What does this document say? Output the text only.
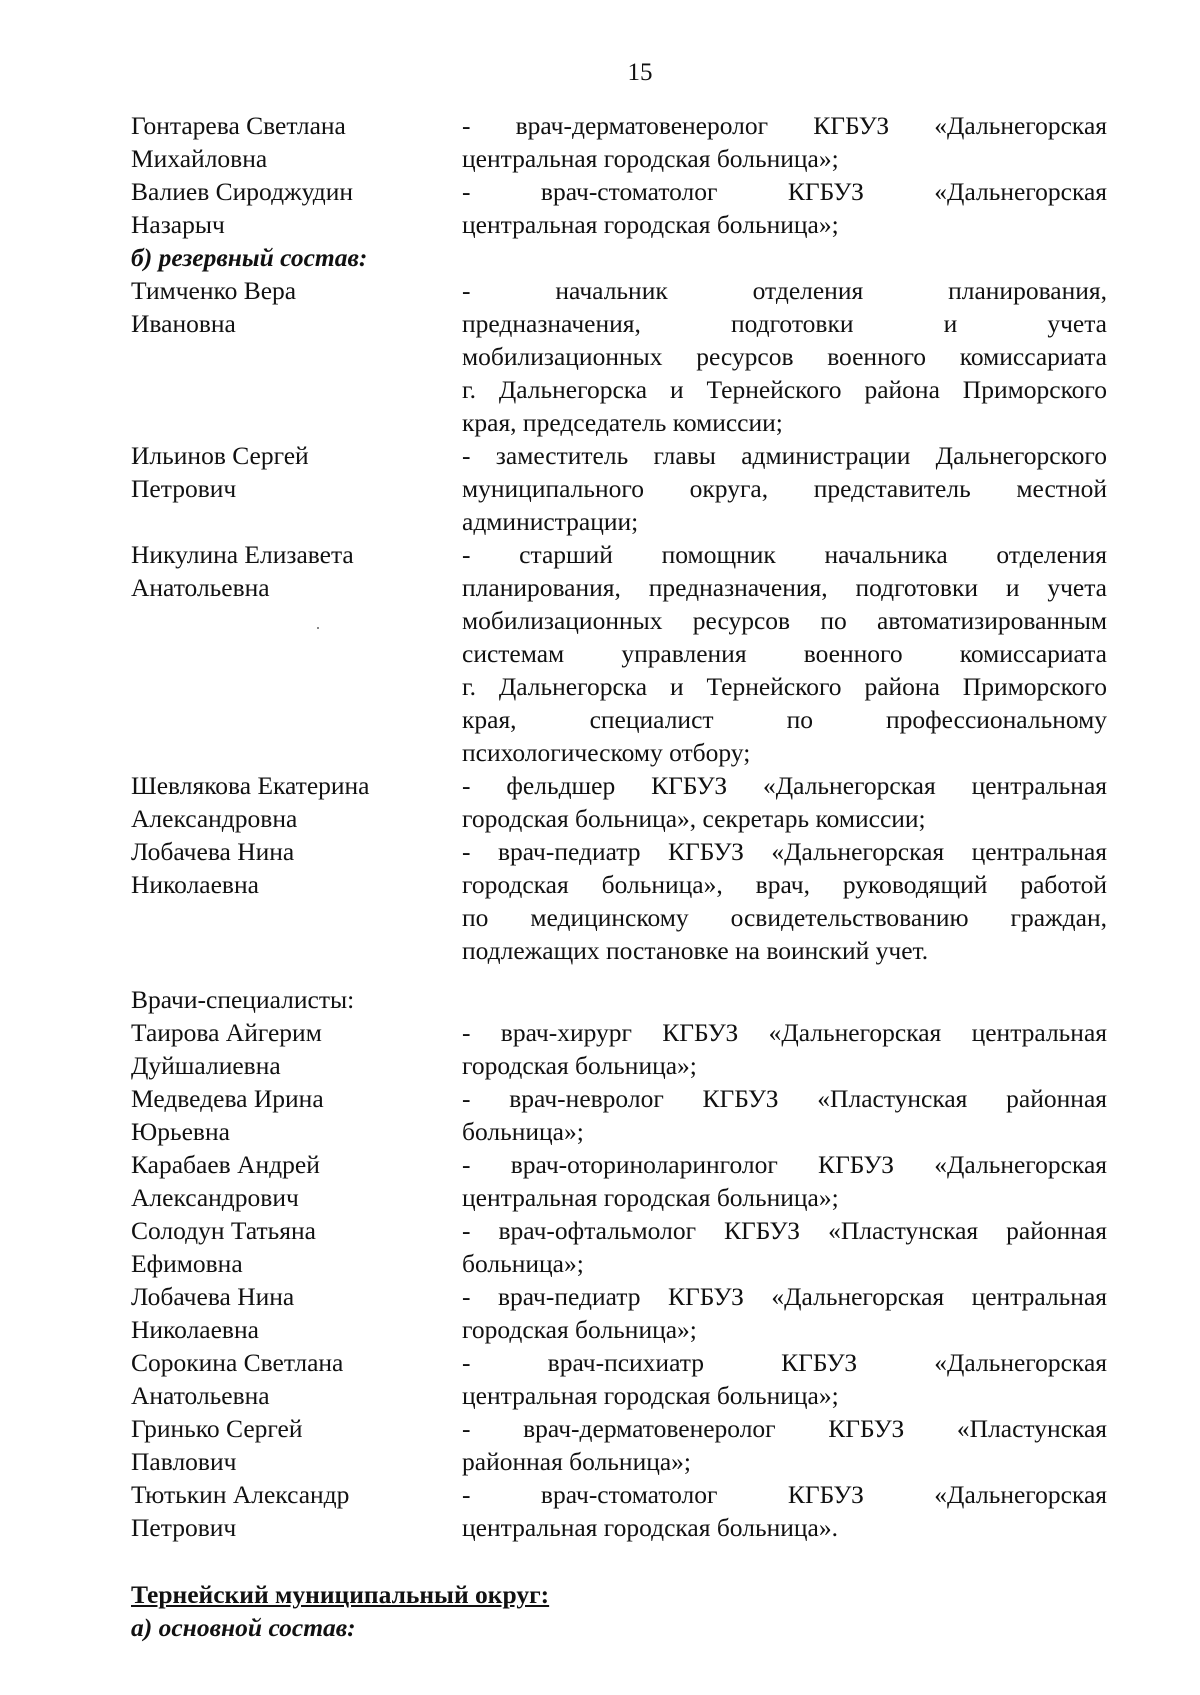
15
Гонтарева Светлана
Михайловна
- врач-дерматовенеролог КГБУЗ «Дальнегорская
центральная городская больница»;
Валиев Сироджудин
Назарыч
- врач-стоматолог КГБУЗ «Дальнегорская
центральная городская больница»;
б) резервный состав:
Тимченко Вера
Ивановна
- начальник отделения планирования,
предназначения, подготовки и учета
мобилизационных ресурсов военного комиссариата
г. Дальнегорска и Тернейского района Приморского
края, председатель комиссии;
Ильинов Сергей
Петрович
- заместитель главы администрации Дальнегорского
муниципального округа, представитель местной
администрации;
Никулина Елизавета
Анатольевна
- старший помощник начальника отделения
планирования, предназначения, подготовки и учета
мобилизационных ресурсов по автоматизированным
системам управления военного комиссариата
г. Дальнегорска и Тернейского района Приморского
края, специалист по профессиональному
психологическому отбору;
Шевлякова Екатерина
Александровна
- фельдшер КГБУЗ «Дальнегорская центральная
городская больница», секретарь комиссии;
Лобачева Нина
Николаевна
- врач-педиатр КГБУЗ «Дальнегорская центральная
городская больница», врач, руководящий работой
по медицинскому освидетельствованию граждан,
подлежащих постановке на воинский учет.
Врачи-специалисты:
Таирова Айгерим
Дуйшалиевна
- врач-хирург КГБУЗ «Дальнегорская центральная
городская больница»;
Медведева Ирина
Юрьевна
- врач-невролог КГБУЗ «Пластунская районная
больница»;
Карабаев Андрей
Александрович
- врач-оториноларинголог КГБУЗ «Дальнегорская
центральная городская больница»;
Солодун Татьяна
Ефимовна
- врач-офтальмолог КГБУЗ «Пластунская районная
больница»;
Лобачева Нина
Николаевна
- врач-педиатр КГБУЗ «Дальнегорская центральная
городская больница»;
Сорокина Светлана
Анатольевна
- врач-психиатр КГБУЗ «Дальнегорская
центральная городская больница»;
Гринько Сергей
Павлович
- врач-дерматовенеролог КГБУЗ «Пластунская
районная больница»;
Тютькин Александр
Петрович
- врач-стоматолог КГБУЗ «Дальнегорская
центральная городская больница».
Тернейский муниципальный округ:
а) основной состав:
